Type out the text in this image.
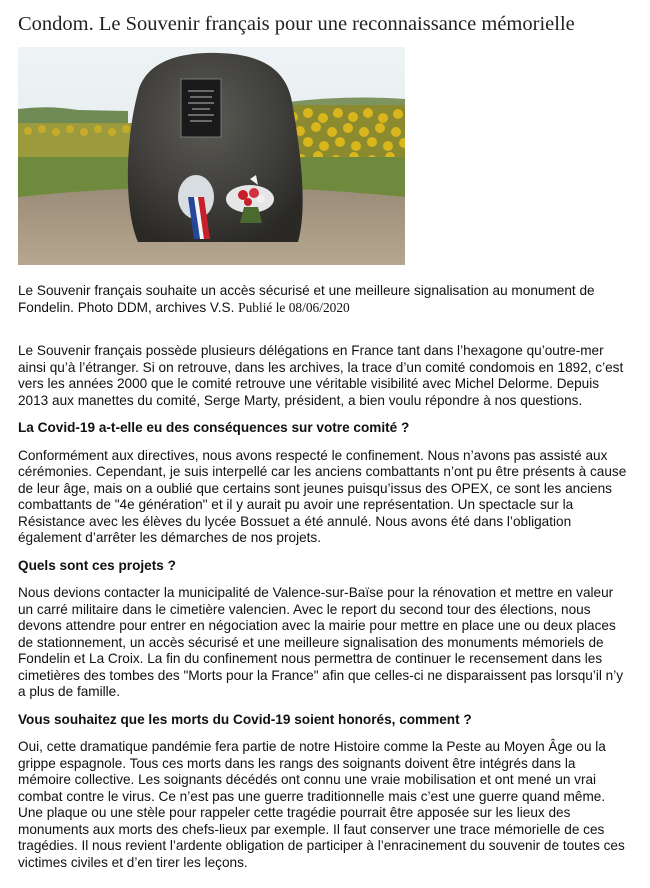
Condom. Le Souvenir français pour une reconnaissance mémorielle
Le Souvenir français souhaite un accès sécurisé et une meilleure signalisation au monument de Fondelin. Photo DDM, archives V.S. Publié le 08/06/2020

Le Souvenir français possède plusieurs délégations en France tant dans l’hexagone qu’outre-mer ainsi qu’à l’étranger. Si on retrouve, dans les archives, la trace d’un comité condomois en 1892, c’est vers les années 2000 que le comité retrouve une véritable visibilité avec Michel Delorme. Depuis 2013 aux manettes du comité, Serge Marty, président, a bien voulu répondre à nos questions.

La Covid-19 a-t-elle eu des conséquences sur votre comité ?

Conformément aux directives, nous avons respecté le confinement. Nous n’avons pas assisté aux cérémonies. Cependant, je suis interpellé car les anciens combattants n’ont pu être présents à cause de leur âge, mais on a oublié que certains sont jeunes puisqu’issus des OPEX, ce sont les anciens combattants de "4e génération" et il y aurait pu avoir une représentation. Un spectacle sur la Résistance avec les élèves du lycée Bossuet a été annulé. Nous avons été dans l’obligation également d’arrêter les démarches de nos projets.

Quels sont ces projets ?

Nous devions contacter la municipalité de Valence-sur-Baïse pour la rénovation et mettre en valeur un carré militaire dans le cimetière valencien. Avec le report du second tour des élections, nous devons attendre pour entrer en négociation avec la mairie pour mettre en place une ou deux places de stationnement, un accès sécurisé et une meilleure signalisation des monuments mémoriels de Fondelin et La Croix. La fin du confinement nous permettra de continuer le recensement dans les cimetières des tombes des "Morts pour la France" afin que celles-ci ne disparaissent pas lorsqu’il n’y a plus de famille.

Vous souhaitez que les morts du Covid-19 soient honorés, comment ?

Oui, cette dramatique pandémie fera partie de notre Histoire comme la Peste au Moyen Âge ou la grippe espagnole. Tous ces morts dans les rangs des soignants doivent être intégrés dans la mémoire collective. Les soignants décédés ont connu une vraie mobilisation et ont mené un vrai combat contre le virus. Ce n’est pas une guerre traditionnelle mais c’est une guerre quand même. Une plaque ou une stèle pour rappeler cette tragédie pourrait être apposée sur les lieux des monuments aux morts des chefs-lieux par exemple. Il faut conserver une trace mémorielle de ces tragédies. Il nous revient l’ardente obligation de participer à l’enracinement du souvenir de toutes ces victimes civiles et d’en tirer les leçons.
